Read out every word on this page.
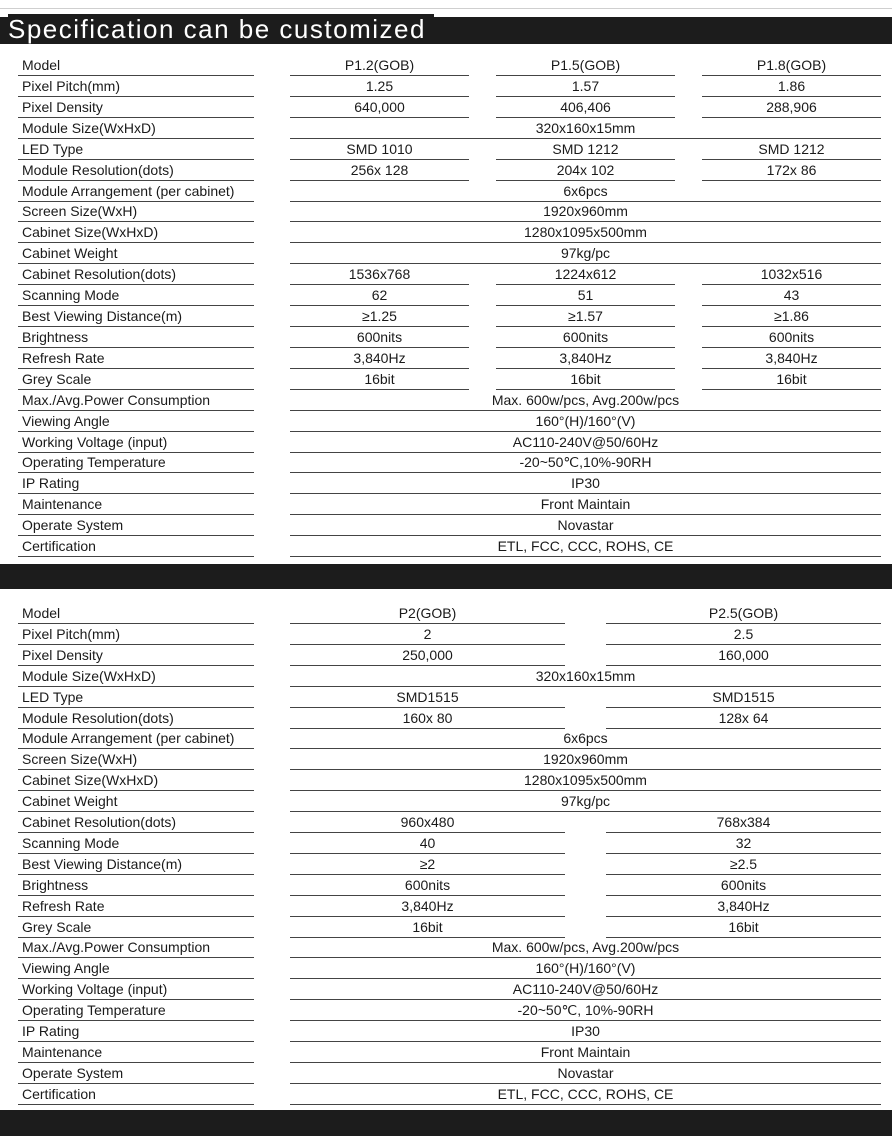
Specification can be customized
Model	P1.2(GOB)	P1.5(GOB)	P1.8(GOB)
Pixel Pitch(mm)	1.25	1.57	1.86
Pixel Density	640,000	406,406	288,906
Module Size(WxHxD)	320x160x15mm
LED Type	SMD 1010	SMD 1212	SMD 1212
Module Resolution(dots)	256x 128	204x 102	172x 86
Module Arrangement (per cabinet)	6x6pcs
Screen Size(WxH)	1920x960mm
Cabinet Size(WxHxD)	1280x1095x500mm
Cabinet Weight	97kg/pc
Cabinet Resolution(dots)	1536x768	1224x612	1032x516
Scanning Mode	62	51	43
Best Viewing Distance(m)	≥1.25	≥1.57	≥1.86
Brightness	600nits	600nits	600nits
Refresh Rate	3,840Hz	3,840Hz	3,840Hz
Grey Scale	16bit	16bit	16bit
Max./Avg.Power Consumption	Max. 600w/pcs, Avg.200w/pcs
Viewing Angle	160°(H)/160°(V)
Working Voltage (input)	AC110-240V@50/60Hz
Operating Temperature	-20~50℃,10%-90RH
IP Rating	IP30
Maintenance	Front Maintain
Operate System	Novastar
Certification	ETL, FCC, CCC, ROHS, CE
Model	P2(GOB)	P2.5(GOB)
Pixel Pitch(mm)	2	2.5
Pixel Density	250,000	160,000
Module Size(WxHxD)	320x160x15mm
LED Type	SMD1515	SMD1515
Module Resolution(dots)	160x 80	128x 64
Module Arrangement (per cabinet)	6x6pcs
Screen Size(WxH)	1920x960mm
Cabinet Size(WxHxD)	1280x1095x500mm
Cabinet Weight	97kg/pc
Cabinet Resolution(dots)	960x480	768x384
Scanning Mode	40	32
Best Viewing Distance(m)	≥2	≥2.5
Brightness	600nits	600nits
Refresh Rate	3,840Hz	3,840Hz
Grey Scale	16bit	16bit
Max./Avg.Power Consumption	Max. 600w/pcs, Avg.200w/pcs
Viewing Angle	160°(H)/160°(V)
Working Voltage (input)	AC110-240V@50/60Hz
Operating Temperature	-20~50℃, 10%-90RH
IP Rating	IP30
Maintenance	Front Maintain
Operate System	Novastar
Certification	ETL, FCC, CCC, ROHS, CE
